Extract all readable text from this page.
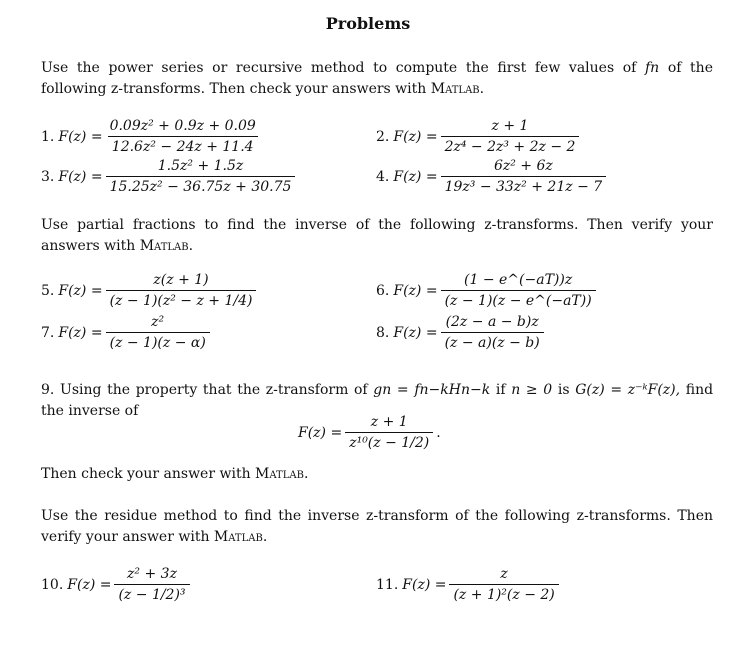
Problems
Use the power series or recursive method to compute the first few values of fn of the following z-transforms. Then check your answers with Matlab.
1. $F(z) = \frac{\text{0.09z² + 0.9z + 0.09}}{\text{12.6z² − 24z + 11.4}}$	2. $F(z) = \frac{z + 1}{\text{2z⁴ − 2z³ + 2z − 2}}$
3. $F(z) = \frac{\text{1.5z² + 1.5z}}{\text{15.25z² − 36.75z + 30.75}}$	4. $F(z) = \frac{\text{6z² + 6z}}{\text{19z³ − 33z² + 21z − 7}}$
Use partial fractions to find the inverse of the following z-transforms. Then verify your answers with Matlab.
5. $F(z) = \frac{z(z + 1)}{\text{(z − 1)(z² − z + 1/4)}}$	6. $F(z) = \frac{(1 - e\^{}(-aT))z}{(z - 1)(z - e\^{}(-aT))}$
7. $F(z) = \frac{\text{z²}}{(z - 1)(z - \alpha)}$	8. $F(z) = \frac{(2z - a - b)z}{(z - a)(z - b)}$
9. Using the property that the z-transform of gn = fn−kHn−k if n ≥ 0 is G(z) = z⁻ᵏF(z), find the inverse of
$F(z) = \frac{z + 1}{\text{z¹⁰(z − 1/2)}}$ .
Then check your answer with Matlab.
Use the residue method to find the inverse z-transform of the following z-transforms. Then verify your answer with Matlab.
10. $F(z) = \frac{\text{z² + 3z}}{\text{(z − 1/2)³}}$	11. $F(z) = \frac{z}{\text{(z + 1)²(z − 2)}}$
